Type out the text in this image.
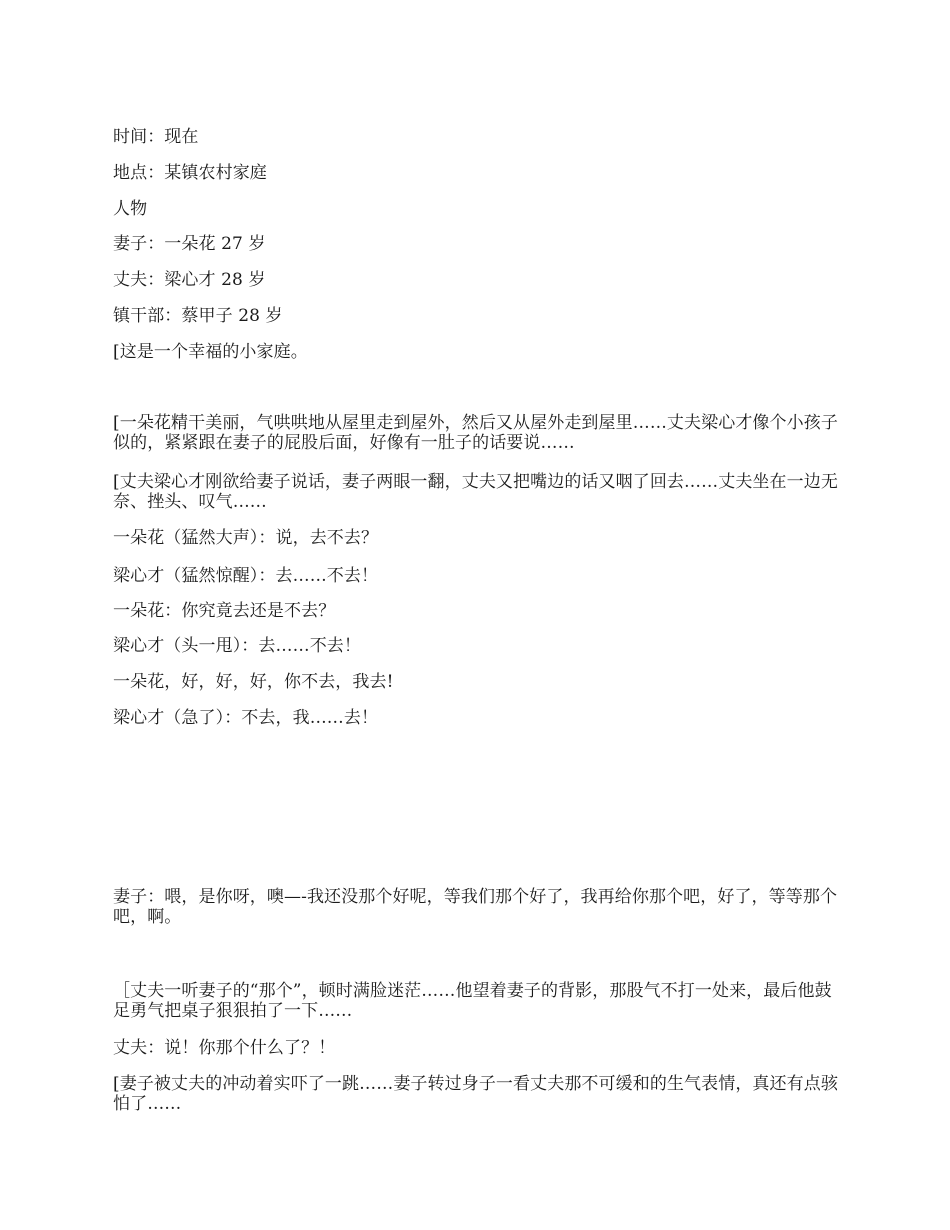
时间：现在

地点：某镇农村家庭

人物

妻子：一朵花 27 岁

丈夫：梁心才 28 岁

镇干部：蔡甲子 28 岁

[这是一个幸福的小家庭。

[一朵花精干美丽，气哄哄地从屋里走到屋外，然后又从屋外走到屋里……丈夫梁心才像个小孩子似的，紧紧跟在妻子的屁股后面，好像有一肚子的话要说……

[丈夫梁心才刚欲给妻子说话，妻子两眼一翻，丈夫又把嘴边的话又咽了回去……丈夫坐在一边无奈、挫头、叹气……

一朵花（猛然大声）：说，去不去？

梁心才（猛然惊醒）：去……不去！

一朵花：你究竟去还是不去？

梁心才（头一甩）：去……不去！

一朵花，好，好，好，你不去，我去!

梁心才（急了）：不去，我……去！

妻子：喂，是你呀，噢—-我还没那个好呢，等我们那个好了，我再给你那个吧，好了，等等那个吧，啊。

［丈夫一听妻子的“那个”，顿时满脸迷茫……他望着妻子的背影，那股气不打一处来，最后他鼓足勇气把桌子狠狠拍了一下……

丈夫：说！你那个什么了？！

[妻子被丈夫的冲动着实吓了一跳……妻子转过身子一看丈夫那不可缓和的生气表情，真还有点骇怕了……
